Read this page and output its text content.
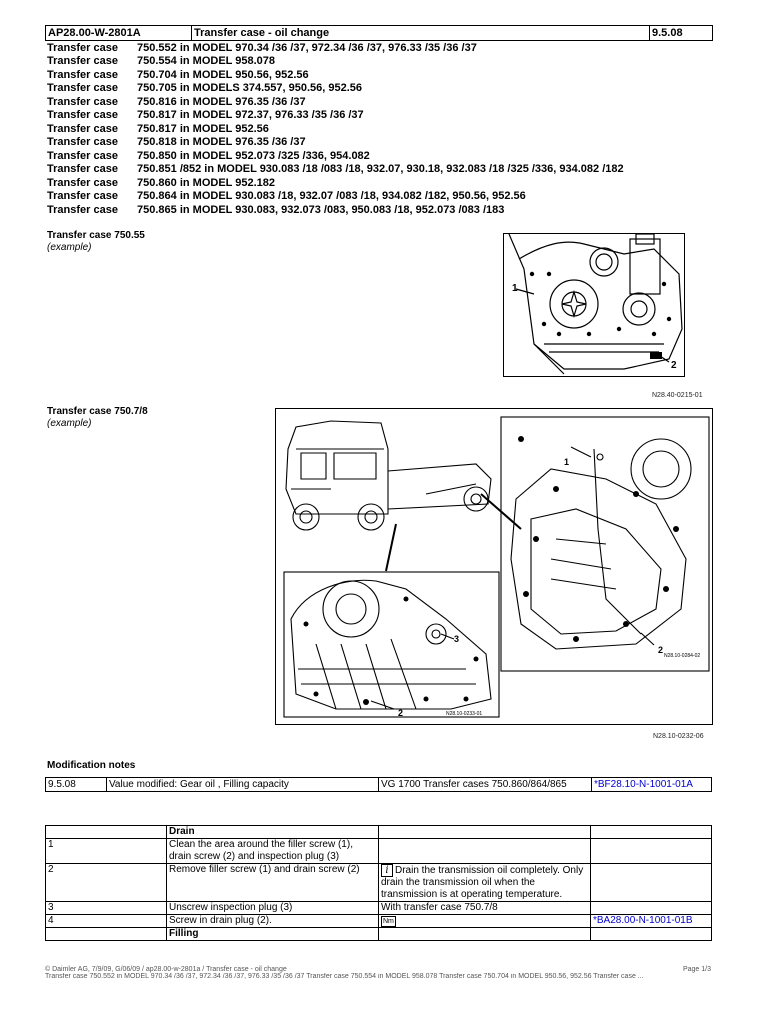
AP28.00-W-2801A	Transfer case - oil change	9.5.08
Transfer case 750.552 in MODEL 970.34 /36 /37, 972.34 /36 /37, 976.33 /35 /36 /37
Transfer case 750.554 in MODEL 958.078
Transfer case 750.704 in MODEL 950.56, 952.56
Transfer case 750.705 in MODELS 374.557, 950.56, 952.56
Transfer case 750.816 in MODEL 976.35 /36 /37
Transfer case 750.817 in MODEL 972.37, 976.33 /35 /36 /37
Transfer case 750.817 in MODEL 952.56
Transfer case 750.818 in MODEL 976.35 /36 /37
Transfer case 750.850 in MODEL 952.073 /325 /336, 954.082
Transfer case 750.851 /852 in MODEL 930.083 /18 /083 /18, 932.07, 930.18, 932.083 /18 /325 /336, 934.082 /182
Transfer case 750.860 in MODEL 952.182
Transfer case 750.864 in MODEL 930.083 /18, 932.07 /083 /18, 934.082 /182, 950.56, 952.56
Transfer case 750.865 in MODEL 930.083, 932.073 /083, 950.083 /18, 952.073 /083 /183
Transfer case 750.55
(example)
1
2
N28.40-0215-01
Transfer case 750.7/8
(example)
1
2
3
2
N28.10-0284-02
N28.10-0233-01
N28.10-0232-06
Modification notes
9.5.08	Value modified: Gear oil , Filling capacity	VG 1700 Transfer cases 750.860/864/865	*BF28.10-N-1001-01A
	Drain		
1	Clean the area around the filler screw (1), drain screw (2) and inspection plug (3)		
2	Remove filler screw (1) and drain screw (2)	i Drain the transmission oil completely. Only drain the transmission oil when the transmission is at operating temperature.	
3	Unscrew inspection plug (3)	With transfer case 750.7/8	
4	Screw in drain plug (2).	Nm	*BA28.00-N-1001-01B
	Filling		
© Daimler AG, 7/9/09, G/06/09 / ap28.00-w-2801a / Transfer case - oil change
Transfer case 750.552 in MODEL 970.34 /36 /37, 972.34 /36 /37, 976.33 /35 /36 /37 Transfer case 750.554 in MODEL 958.078 Transfer case 750.704 in MODEL 950.56, 952.56 Transfer case ...
Page 1/3
